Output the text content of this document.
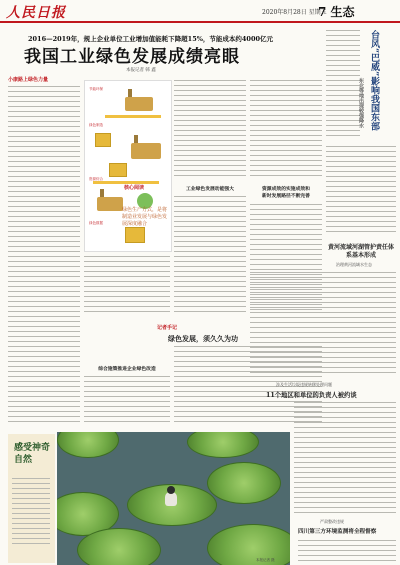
人民日报	2020年8月28日 星期五
7 生态
2016—2019年，规上企业单位工业增加值能耗下降超15%，节能成本约4000亿元
我国工业绿色发展成绩亮眼
本报记者 韩 鑫
小康路上绿色力量
节能环保
绿色制造
资源综合
绿色数据
核心阅读
绿色生产方式，是将制造业发展与绿色发展深度融合
综合施策推进企业绿色改造
工业绿色发展动能强大	资源成效的实施成效和
新时发展路径不断完善
记者手记
绿色发展，须久久为功
台风“巴威”影响我国东部
东北等地出现较强降水
黄河流域河湖管护责任体系基本形成
治理黄河流域水生态
涉及生活垃圾违规转移处理问题
11个地区和单位的负责人被约谈
严肃整改违规
四川第三方环境监测将全程督察
感受神奇自然
本报记者 摄
